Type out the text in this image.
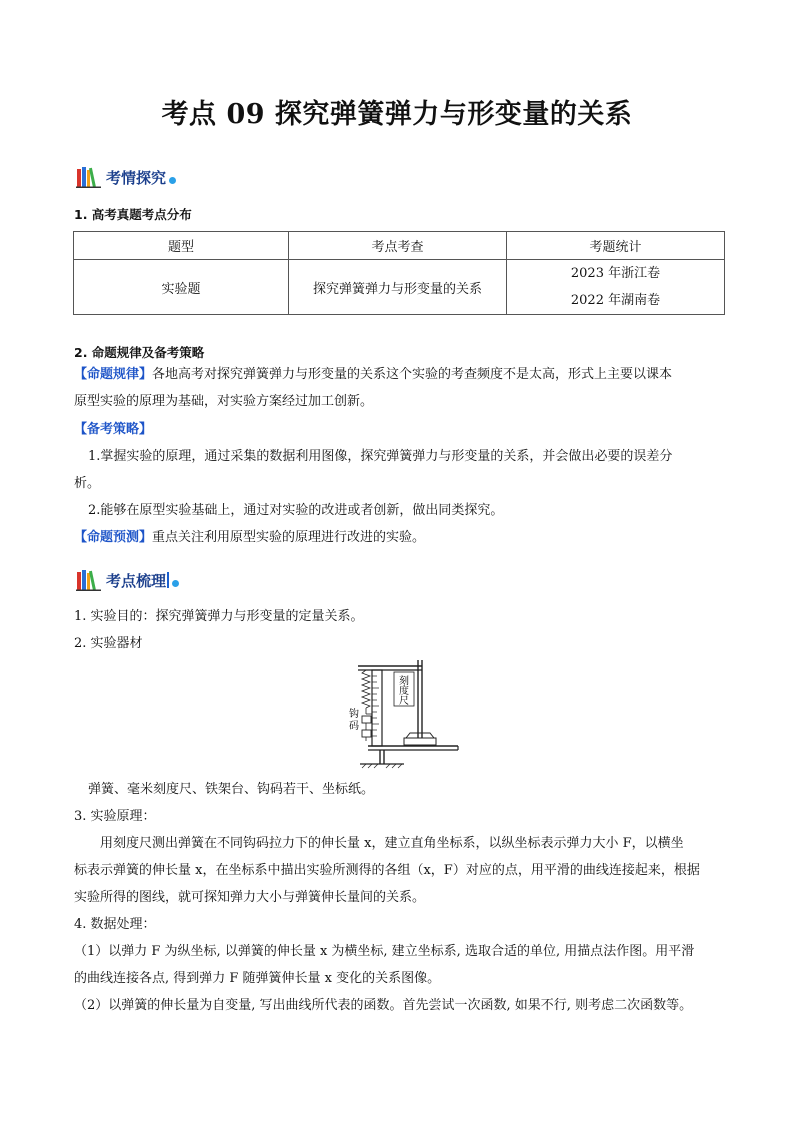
考点 09 探究弹簧弹力与形变量的关系
考情探究
1. 高考真题考点分布
题型	考点考查	考题统计
实验题	探究弹簧弹力与形变量的关系	2023 年浙江卷
2022 年湖南卷
2. 命题规律及备考策略
【命题规律】各地高考对探究弹簧弹力与形变量的关系这个实验的考查频度不是太高，形式上主要以课本
原型实验的原理为基础，对实验方案经过加工创新。
【备考策略】
1.掌握实验的原理，通过采集的数据利用图像，探究弹簧弹力与形变量的关系，并会做出必要的误差分
析。
2.能够在原型实验基础上，通过对实验的改进或者创新，做出同类探究。
【命题预测】重点关注利用原型实验的原理进行改进的实验。
考点梳理
1. 实验目的：探究弹簧弹力与形变量的定量关系。
2. 实验器材
刻
度
尺
钩
码
弹簧、毫米刻度尺、铁架台、钩码若干、坐标纸。
3. 实验原理：
用刻度尺测出弹簧在不同钩码拉力下的伸长量 x，建立直角坐标系，以纵坐标表示弹力大小 F，以横坐
标表示弹簧的伸长量 x，在坐标系中描出实验所测得的各组（x，F）对应的点，用平滑的曲线连接起来，根据
实验所得的图线，就可探知弹力大小与弹簧伸长量间的关系。
4. 数据处理：
（1）以弹力 F 为纵坐标, 以弹簧的伸长量 x 为横坐标, 建立坐标系, 选取合适的单位, 用描点法作图。用平滑
的曲线连接各点, 得到弹力 F 随弹簧伸长量 x 变化的关系图像。
（2）以弹簧的伸长量为自变量, 写出曲线所代表的函数。首先尝试一次函数, 如果不行, 则考虑二次函数等。
